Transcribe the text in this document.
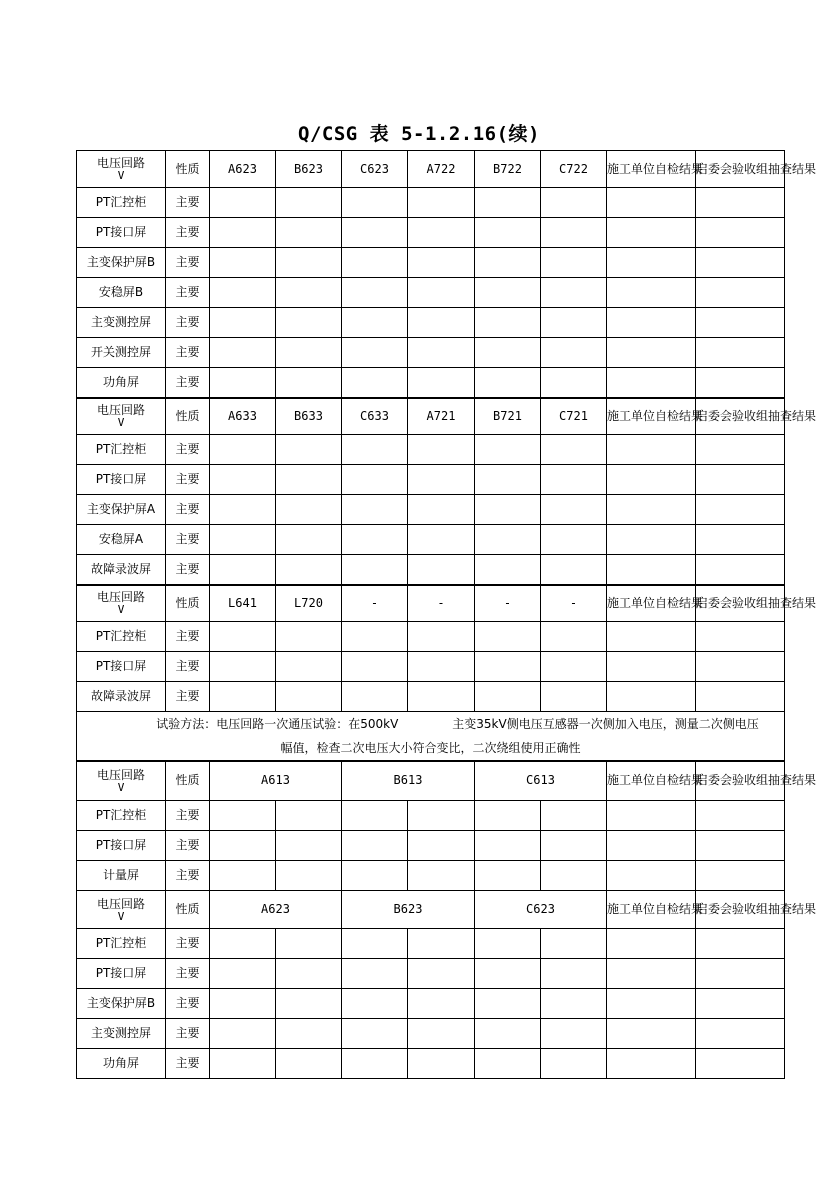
Q/CSG 表 5-1.2.16(续)
电压回路
V	性质	A623	B623	C623	A722	B722	C722	施工单位自检结果	启委会验收组抽查结果
PT汇控柜	主要								
PT接口屏	主要								
主变保护屏B	主要								
安稳屏B	主要								
主变测控屏	主要								
开关测控屏	主要								
功角屏	主要								

电压回路
V	性质	A633	B633	C633	A721	B721	C721	施工单位自检结果	启委会验收组抽查结果
PT汇控柜	主要								
PT接口屏	主要								
主变保护屏A	主要								
安稳屏A	主要								
故障录波屏	主要								

电压回路
V	性质	L641	L720	-	-	-	-	施工单位自检结果	启委会验收组抽查结果
PT汇控柜	主要								
PT接口屏	主要								
故障录波屏	主要								
试验方法：电压回路一次通压试验：在500kV 主变35kV侧电压互感器一次侧加入电压，测量二次侧电压									
幅值，检查二次电压大小符合变比，二次绕组使用正确性									

电压回路
V	性质	A613		B613		C613		施工单位自检结果	启委会验收组抽查结果
PT汇控柜	主要								
PT接口屏	主要								
计量屏	主要								

电压回路
V	性质	A623		B623		C623		施工单位自检结果	启委会验收组抽查结果
PT汇控柜	主要								
PT接口屏	主要								
主变保护屏B	主要								
主变测控屏	主要								
功角屏	主要								
